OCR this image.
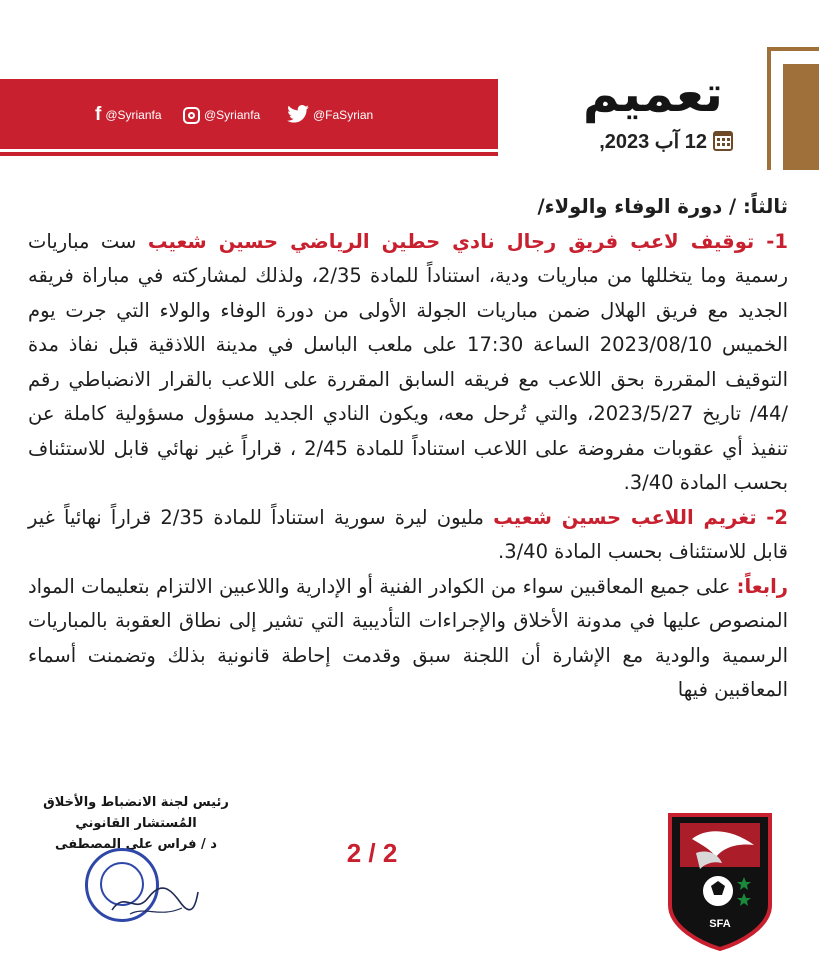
f @Syrianfa	@Syrianfa	@FaSyrian	تعميم
12 آب 2023,

ثالثاً: / دورة الوفاء والولاء/

1- توقيف لاعب فريق رجال نادي حطين الرياضي حسين شعيب ست مباريات رسمية وما يتخللها من مباريات ودية، استناداً للمادة 2/35، ولذلك لمشاركته في مباراة فريقه الجديد مع فريق الهلال ضمن مباريات الجولة الأولى من دورة الوفاء والولاء التي جرت يوم الخميس 2023/08/10 الساعة 17:30 على ملعب الباسل في مدينة اللاذقية قبل نفاذ مدة التوقيف المقررة بحق اللاعب مع فريقه السابق المقررة على اللاعب بالقرار الانضباطي رقم /44/ تاريخ 2023/5/27، والتي تُرحل معه، ويكون النادي الجديد مسؤول مسؤولية كاملة عن تنفيذ أي عقوبات مفروضة على اللاعب استناداً للمادة 2/45 ، قراراً غير نهائي قابل للاستئناف بحسب المادة 3/40.

2- تغريم اللاعب حسين شعيب مليون ليرة سورية استناداً للمادة 2/35 قراراً نهائياً غير قابل للاستئناف بحسب المادة 3/40.

رابعاً: على جميع المعاقبين سواء من الكوادر الفنية أو الإدارية واللاعبين الالتزام بتعليمات المواد المنصوص عليها في مدونة الأخلاق والإجراءات التأديبية التي تشير إلى نطاق العقوبة بالمباريات الرسمية والودية مع الإشارة أن اللجنة سبق وقدمت إحاطة قانونية بذلك وتضمنت أسماء المعاقبين فيها

رئيس لجنة الانضباط والأخلاق
المُستشار القانوني
د / فراس علي المصطفى	2 / 2
SFA
